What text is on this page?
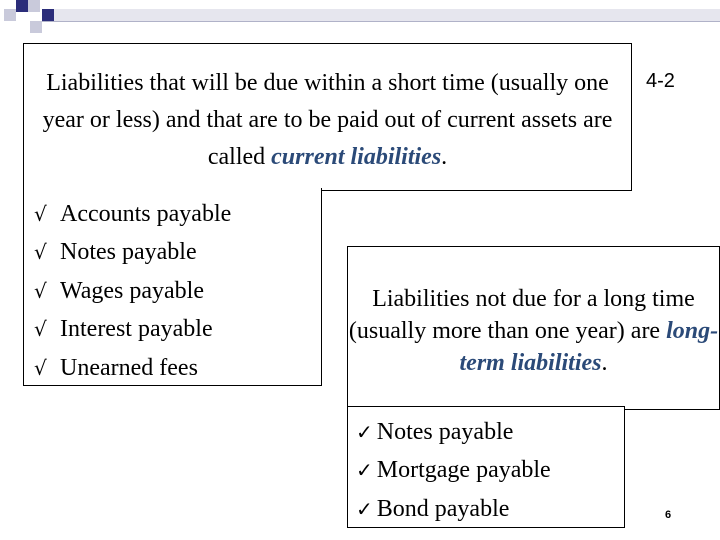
Liabilities that will be due within a short time (usually one year or less) and that are to be paid out of current assets are called current liabilities.
4-2
√ Accounts payable
√ Notes payable
√ Wages payable
√ Interest payable
√ Unearned fees
Liabilities not due for a long time (usually more than one year) are long-term liabilities.
✓ Notes payable
✓ Mortgage payable
✓ Bond payable	6
